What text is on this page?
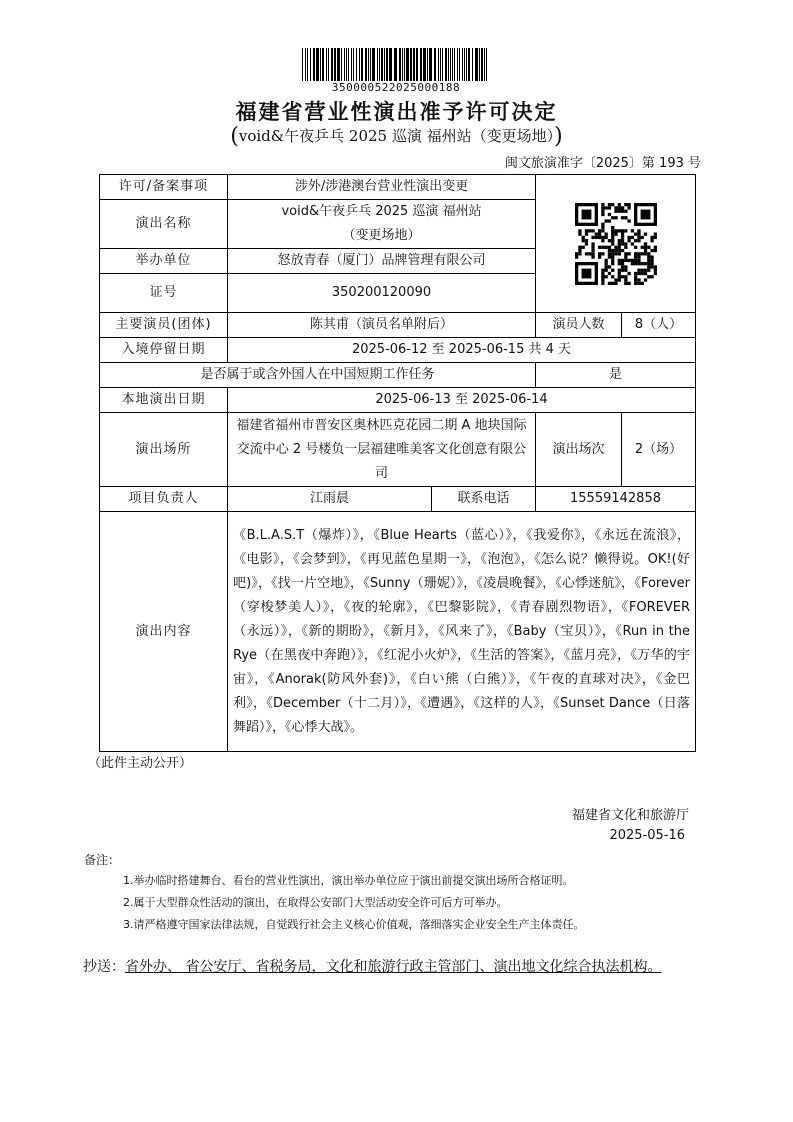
350000522025000188
福建省营业性演出准予许可决定
(void&午夜乒乓 2025 巡演 福州站（变更场地）)
闽文旅演准字〔2025〕第 193 号
许可/备案事项	涉外/涉港澳台营业性演出变更	

演出名称	void&午夜乒乓 2025 巡演 福州站
（变更场地）			

举办单位	怒放青春（厦门）品牌管理有限公司			
证号	350200120090			
主要演员(团体)	陈其甫（演员名单附后）		演员人数	8（人）
入境停留日期	2025-06-12 至 2025-06-15 共 4 天			
是否属于或含外国人在中国短期工作任务			是	
本地演出日期	2025-06-13 至 2025-06-14			
演出场所	福建省福州市晋安区奥林匹克花园二期 A 地块国际交流中心 2 号楼负一层福建唯美客文化创意有限公司		演出场次	2（场）
项目负责人	江雨晨	联系电话	15559142858	
演出内容	《B.L.A.S.T（爆炸）》，《Blue Hearts（蓝心）》，《我爱你》，《永远在流浪》，《电影》，《会梦到》，《再见蓝色星期一》，《泡泡》，《怎么说？懒得说。OK!(好吧)》，《找一片空地》，《Sunny（珊妮）》，《凌晨晚餐》，《心悸迷航》，《Forever（穿梭梦美人）》，《夜的轮廓》，《巴黎影院》，《青春剧烈物语》，《FOREVER（永远）》，《新的期盼》，《新月》，《风来了》，《Baby（宝贝）》，《Run in the Rye（在黑夜中奔跑）》，《红泥小火炉》，《生活的答案》，《蓝月亮》，《万华的宇宙》，《Anorak(防风外套)》，《白い熊（白熊）》，《午夜的直球对决》，《金巴利》，《December（十二月）》，《遭遇》，《这样的人》，《Sunset Dance（日落舞蹈）》，《心悸大战》。			
（此件主动公开）
福建省文化和旅游厅
2025-05-16
备注：
1.举办临时搭建舞台、看台的营业性演出，演出举办单位应于演出前提交演出场所合格证明。
2.属于大型群众性活动的演出，在取得公安部门大型活动安全许可后方可举办。
3.请严格遵守国家法律法规，自觉践行社会主义核心价值观，落细落实企业安全生产主体责任。
抄送：省外办、 省公安厅、省税务局，文化和旅游行政主管部门、演出地文化综合执法机构。
